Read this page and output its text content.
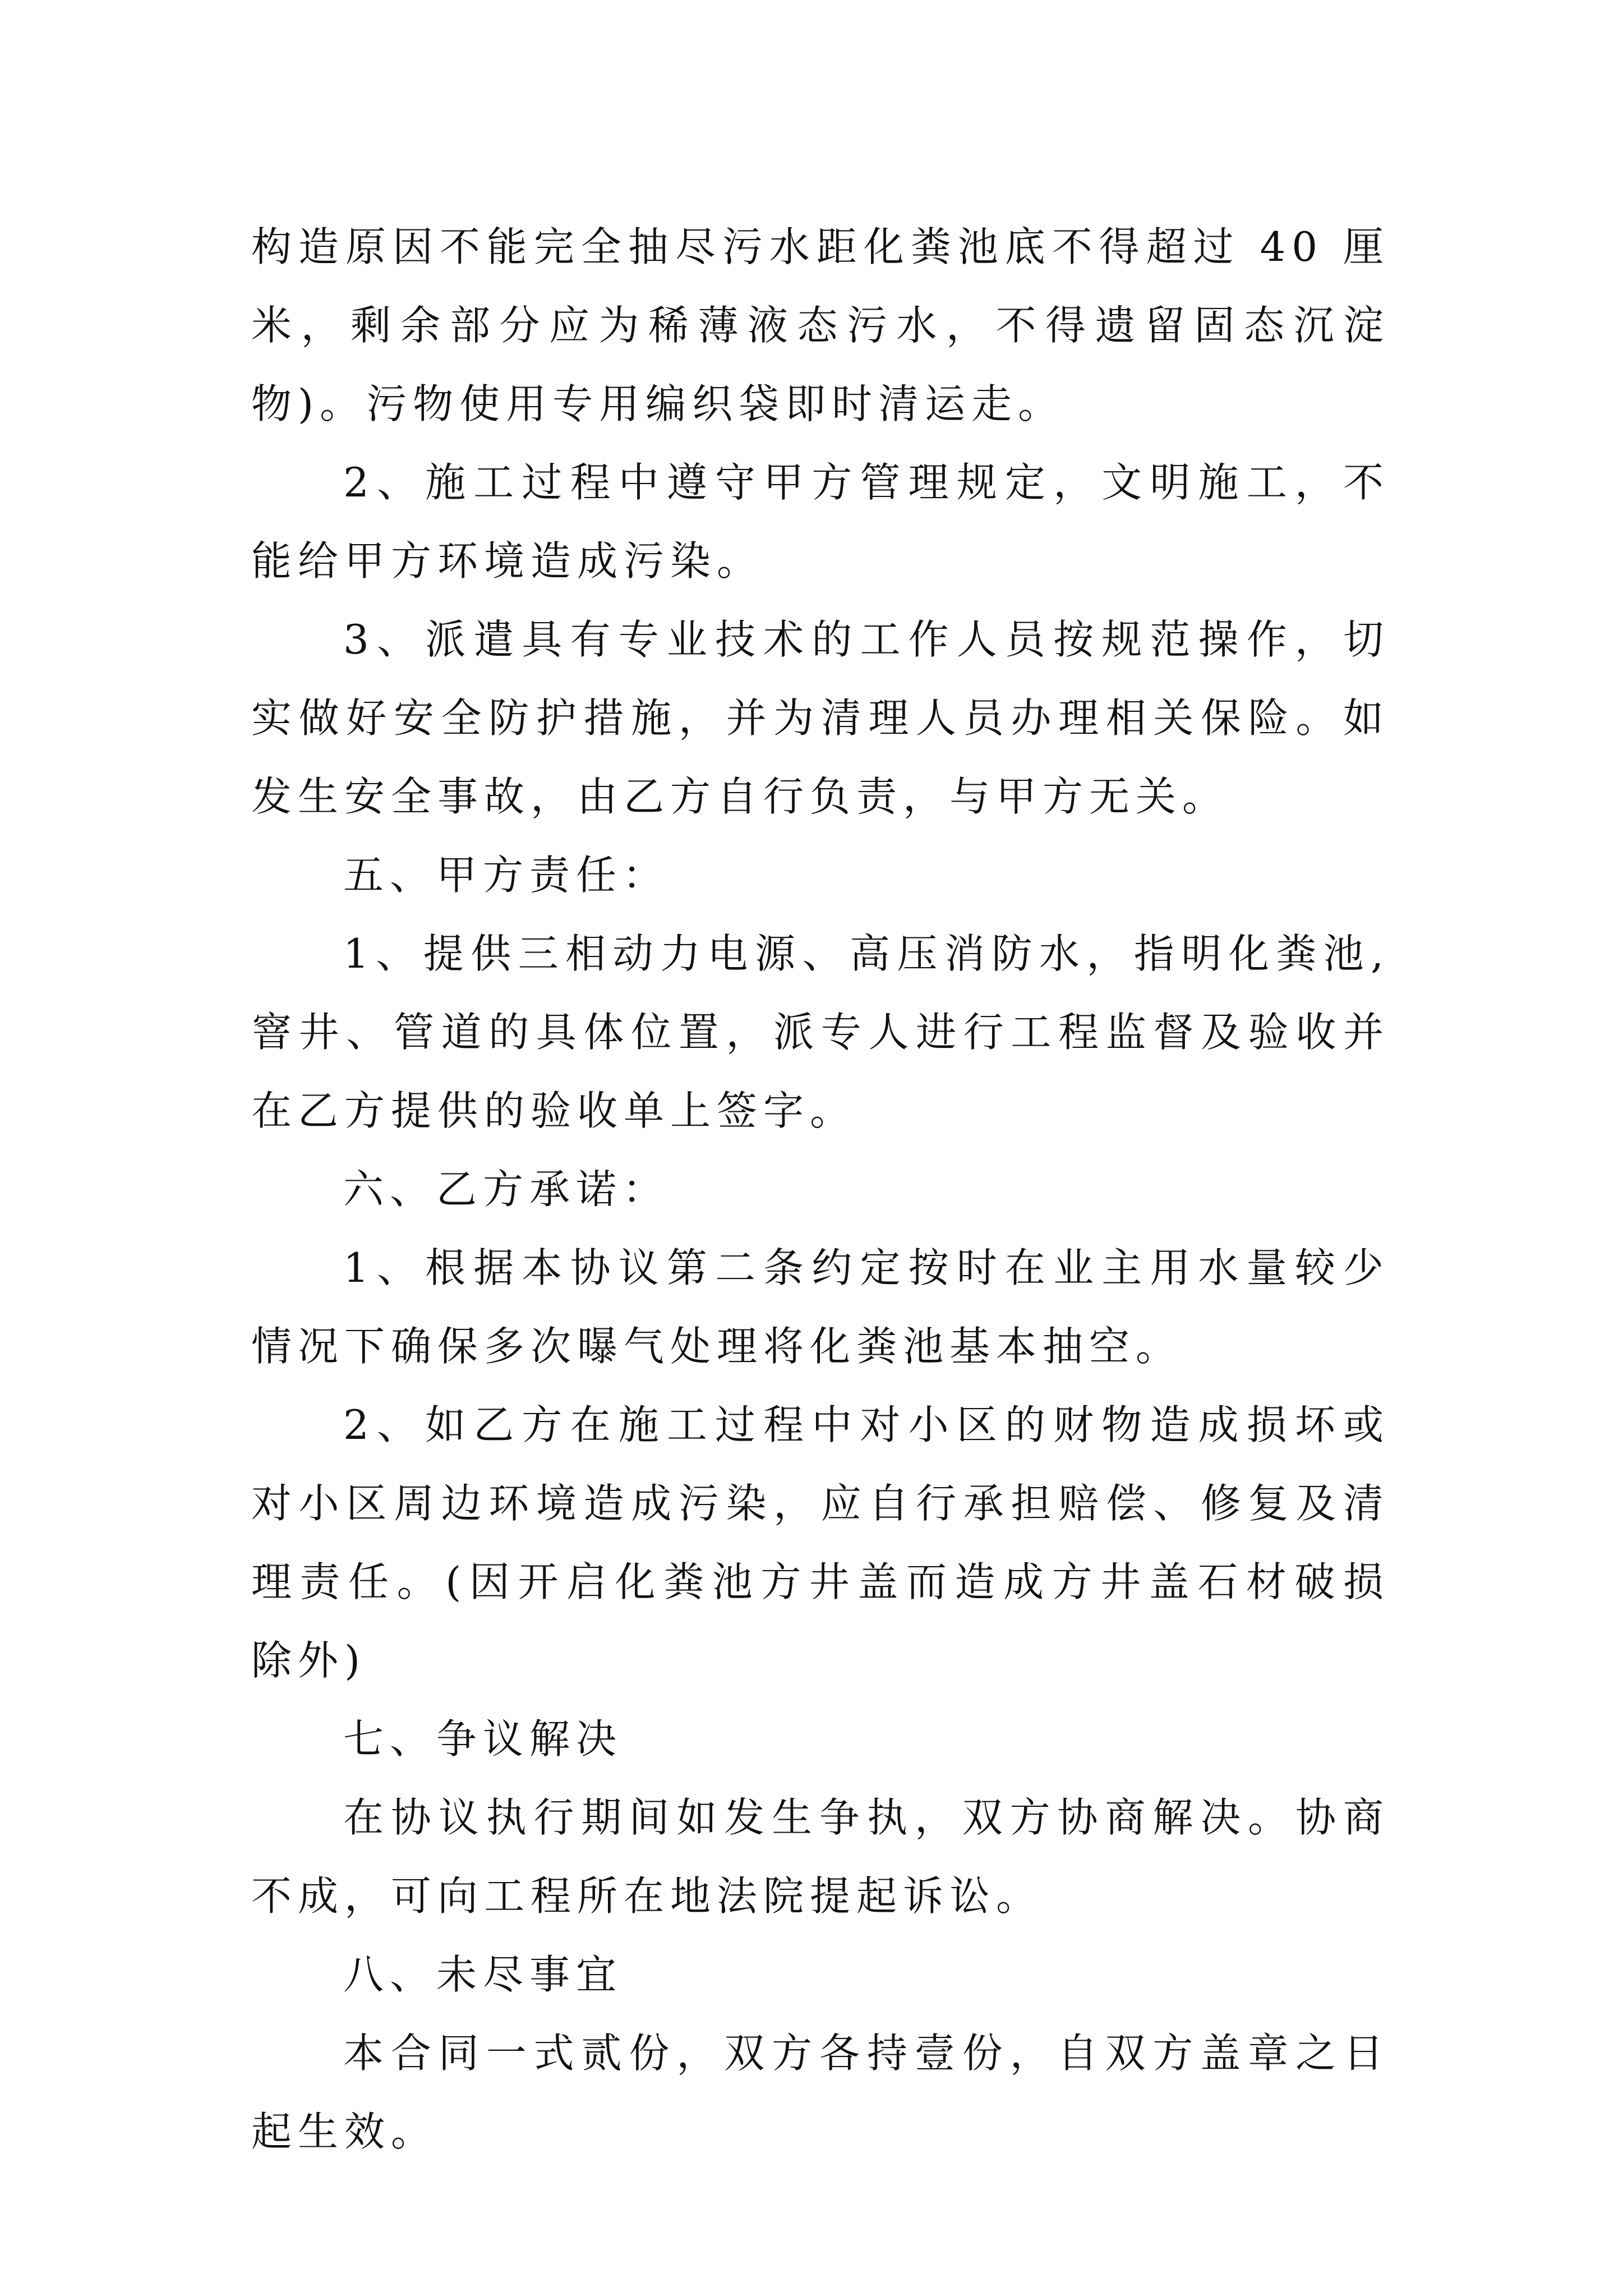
构造原因不能完全抽尽污水距化粪池底不得超过 40 厘米，剩余部分应为稀薄液态污水，不得遗留固态沉淀物)。污物使用专用编织袋即时清运走。

2、施工过程中遵守甲方管理规定，文明施工，不能给甲方环境造成污染。

3、派遣具有专业技术的工作人员按规范操作，切实做好安全防护措施，并为清理人员办理相关保险。如发生安全事故，由乙方自行负责，与甲方无关。

五、甲方责任：

1、提供三相动力电源、高压消防水，指明化粪池,窨井、管道的具体位置，派专人进行工程监督及验收并在乙方提供的验收单上签字。

六、乙方承诺：

1、根据本协议第二条约定按时在业主用水量较少情况下确保多次曝气处理将化粪池基本抽空。

2、如乙方在施工过程中对小区的财物造成损坏或对小区周边环境造成污染，应自行承担赔偿、修复及清理责任。(因开启化粪池方井盖而造成方井盖石材破损除外)

七、争议解决

在协议执行期间如发生争执，双方协商解决。协商不成，可向工程所在地法院提起诉讼。

八、未尽事宜

本合同一式贰份，双方各持壹份，自双方盖章之日起生效。
